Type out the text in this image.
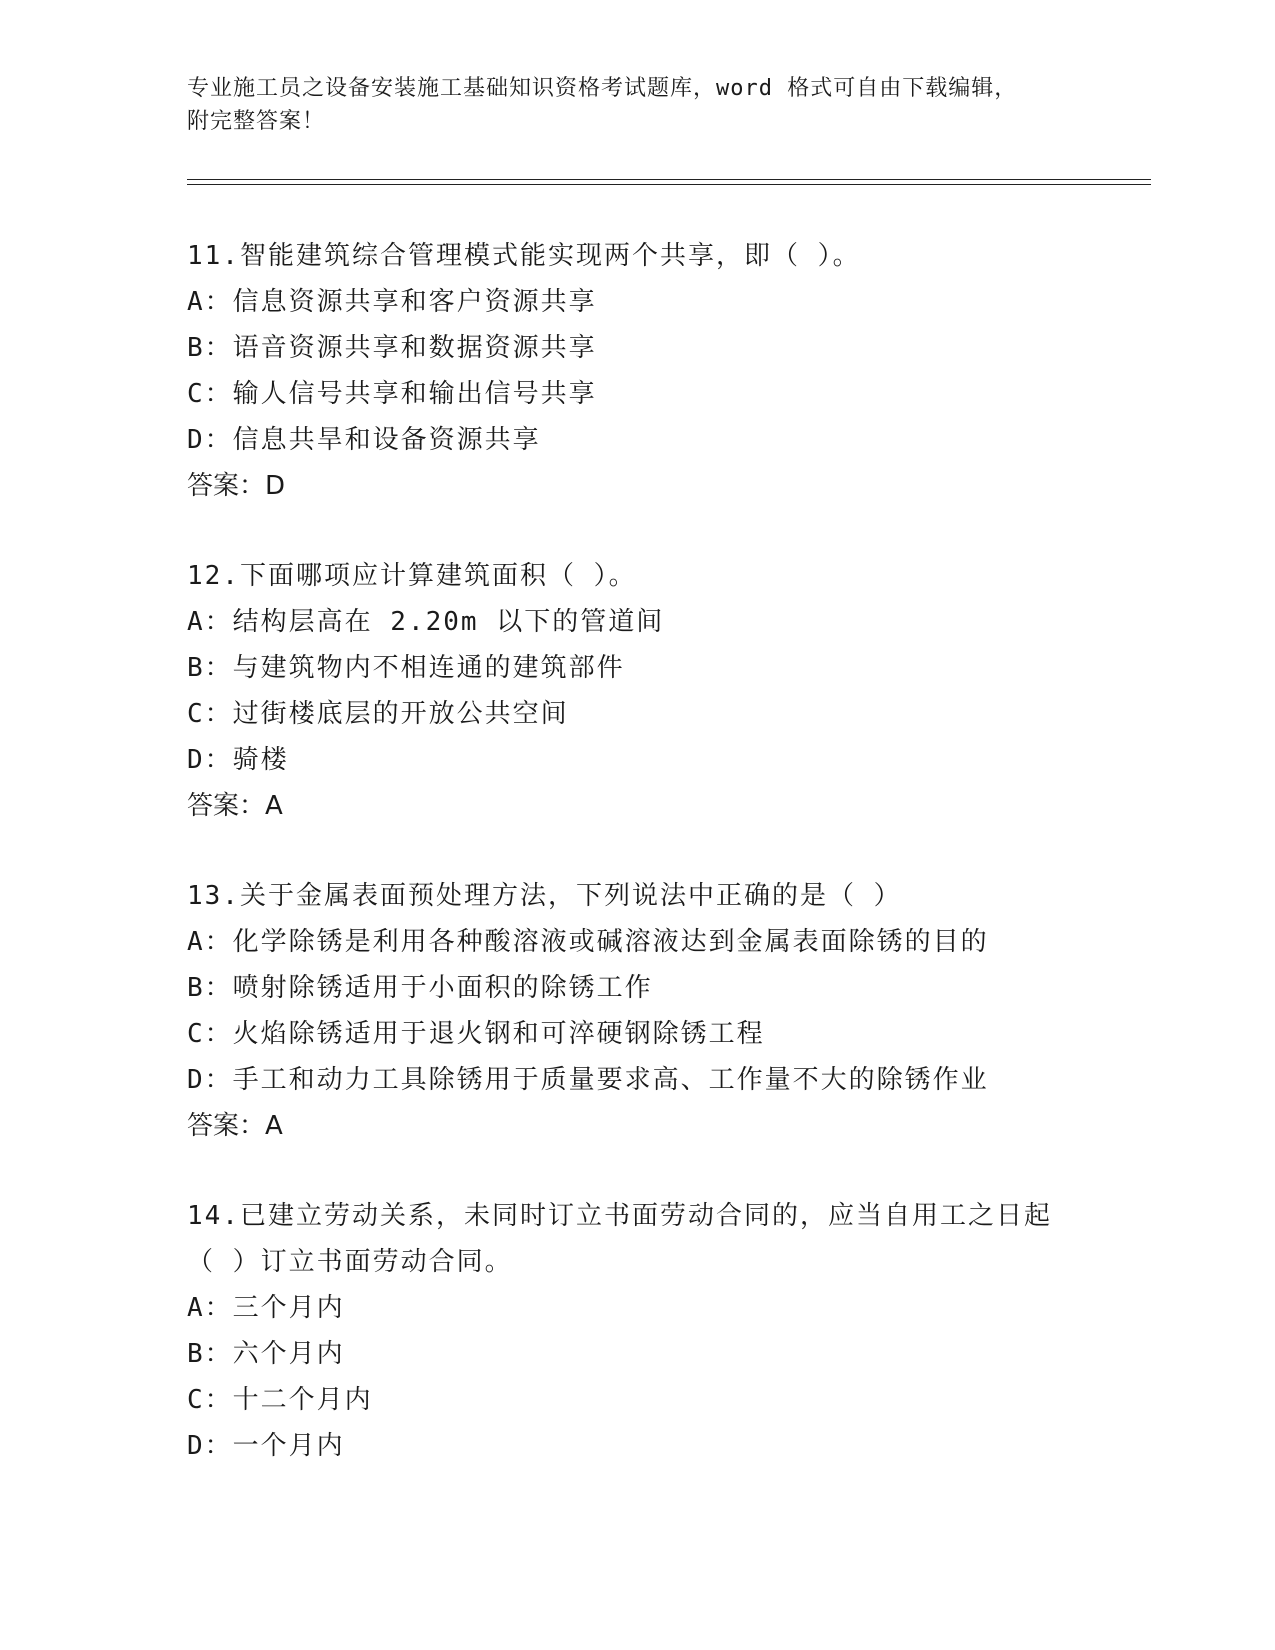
专业施工员之设备安装施工基础知识资格考试题库，word 格式可自由下载编辑，
附完整答案！
11.智能建筑综合管理模式能实现两个共享，即（ ）。
A：信息资源共享和客户资源共享
B：语音资源共享和数据资源共享
C：输人信号共享和输出信号共享
D：信息共旱和设备资源共享
答案：D
12.下面哪项应计算建筑面积（ ）。
A：结构层高在 2.20m 以下的管道间
B：与建筑物内不相连通的建筑部件
C：过街楼底层的开放公共空间
D：骑楼
答案：A
13.关于金属表面预处理方法，下列说法中正确的是（ ）
A：化学除锈是利用各种酸溶液或碱溶液达到金属表面除锈的目的
B：喷射除锈适用于小面积的除锈工作
C：火焰除锈适用于退火钢和可淬硬钢除锈工程
D：手工和动力工具除锈用于质量要求高、工作量不大的除锈作业
答案：A
14.已建立劳动关系，未同时订立书面劳动合同的，应当自用工之日起
（ ）订立书面劳动合同。
A：三个月内
B：六个月内
C：十二个月内
D：一个月内
